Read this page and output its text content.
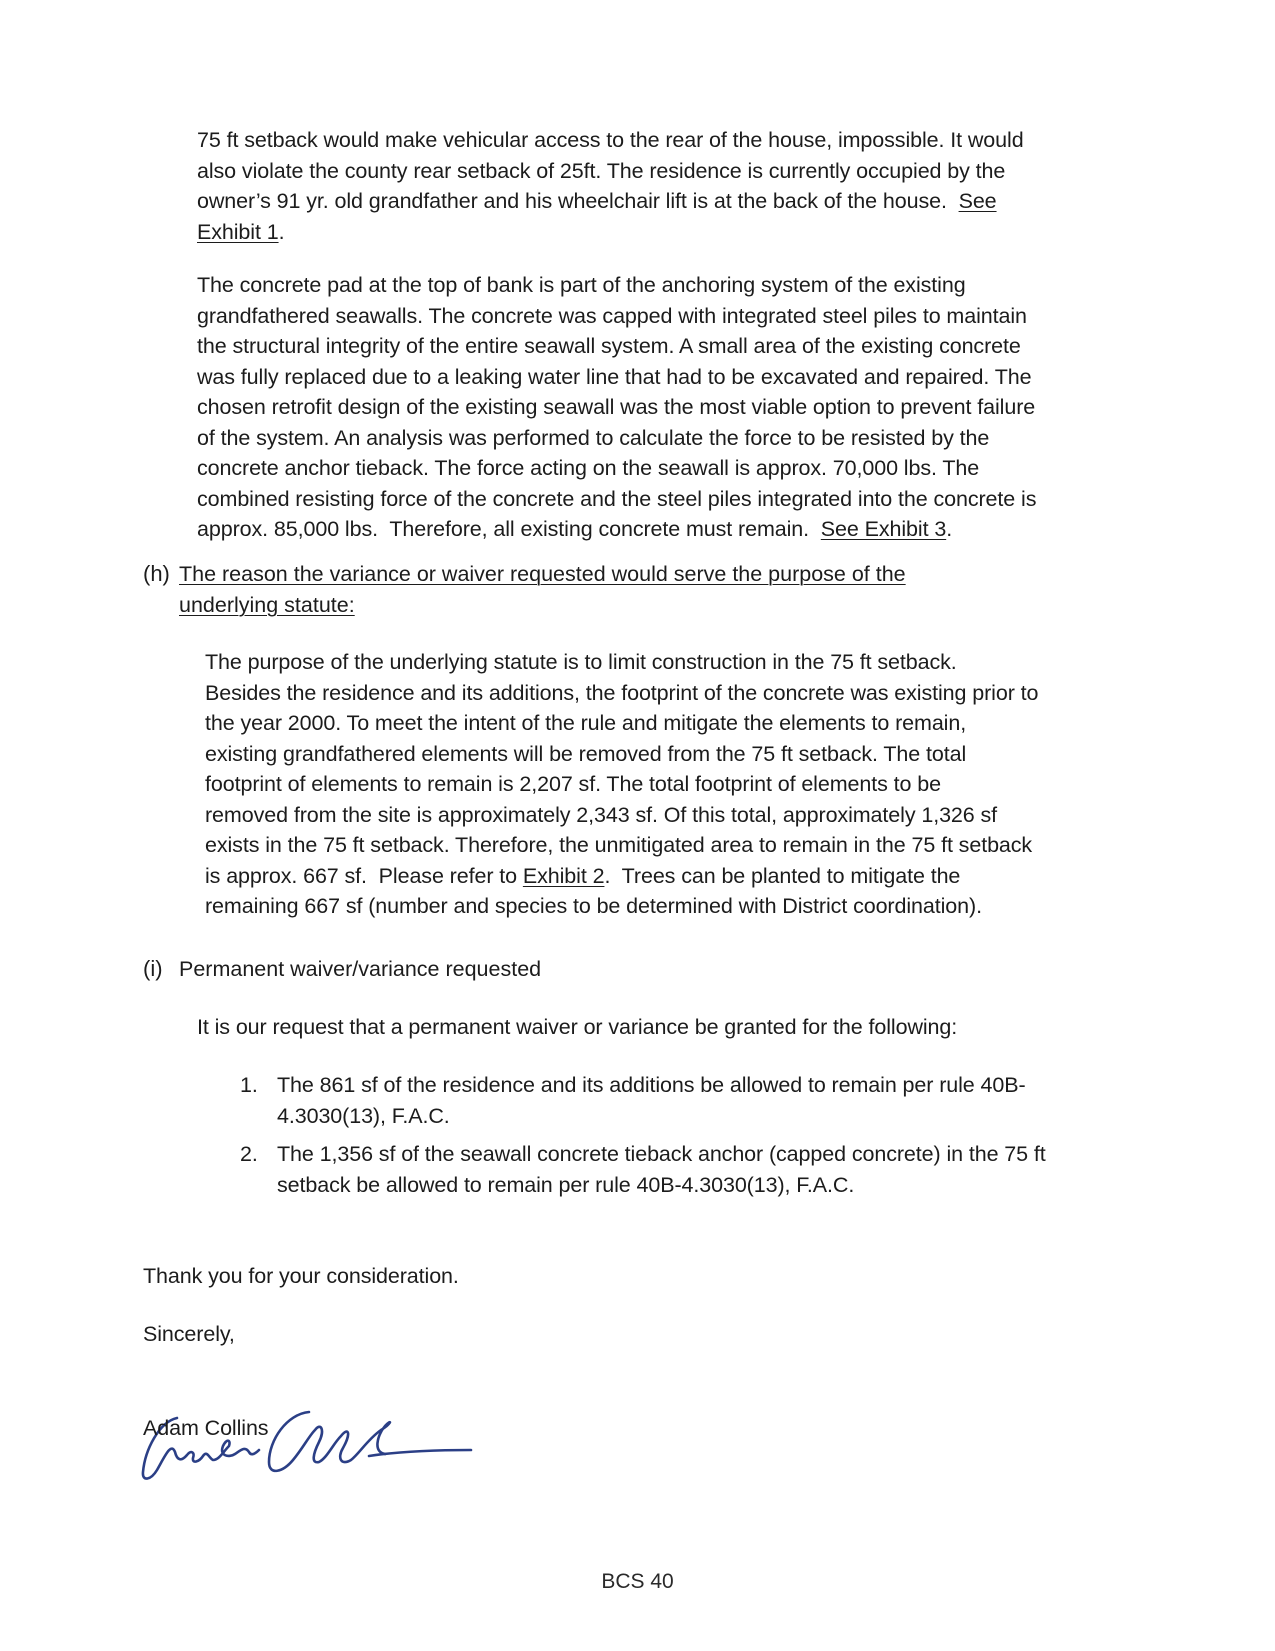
75 ft setback would make vehicular access to the rear of the house, impossible. It would
also violate the county rear setback of 25ft. The residence is currently occupied by the
owner’s 91 yr. old grandfather and his wheelchair lift is at the back of the house.  See
Exhibit 1.
The concrete pad at the top of bank is part of the anchoring system of the existing
grandfathered seawalls. The concrete was capped with integrated steel piles to maintain
the structural integrity of the entire seawall system. A small area of the existing concrete
was fully replaced due to a leaking water line that had to be excavated and repaired. The
chosen retrofit design of the existing seawall was the most viable option to prevent failure
of the system. An analysis was performed to calculate the force to be resisted by the
concrete anchor tieback. The force acting on the seawall is approx. 70,000 lbs. The
combined resisting force of the concrete and the steel piles integrated into the concrete is
approx. 85,000 lbs.  Therefore, all existing concrete must remain.  See Exhibit 3.
(h) The reason the variance or waiver requested would serve the purpose of the
underlying statute:
The purpose of the underlying statute is to limit construction in the 75 ft setback.
Besides the residence and its additions, the footprint of the concrete was existing prior to
the year 2000. To meet the intent of the rule and mitigate the elements to remain,
existing grandfathered elements will be removed from the 75 ft setback. The total
footprint of elements to remain is 2,207 sf. The total footprint of elements to be
removed from the site is approximately 2,343 sf. Of this total, approximately 1,326 sf
exists in the 75 ft setback. Therefore, the unmitigated area to remain in the 75 ft setback
is approx. 667 sf.  Please refer to Exhibit 2.  Trees can be planted to mitigate the
remaining 667 sf (number and species to be determined with District coordination).
(i) Permanent waiver/variance requested
It is our request that a permanent waiver or variance be granted for the following:
1. The 861 sf of the residence and its additions be allowed to remain per rule 40B-
4.3030(13), F.A.C.
2. The 1,356 sf of the seawall concrete tieback anchor (capped concrete) in the 75 ft
setback be allowed to remain per rule 40B-4.3030(13), F.A.C.
Thank you for your consideration.
Sincerely,
Adam Collins
BCS 40
